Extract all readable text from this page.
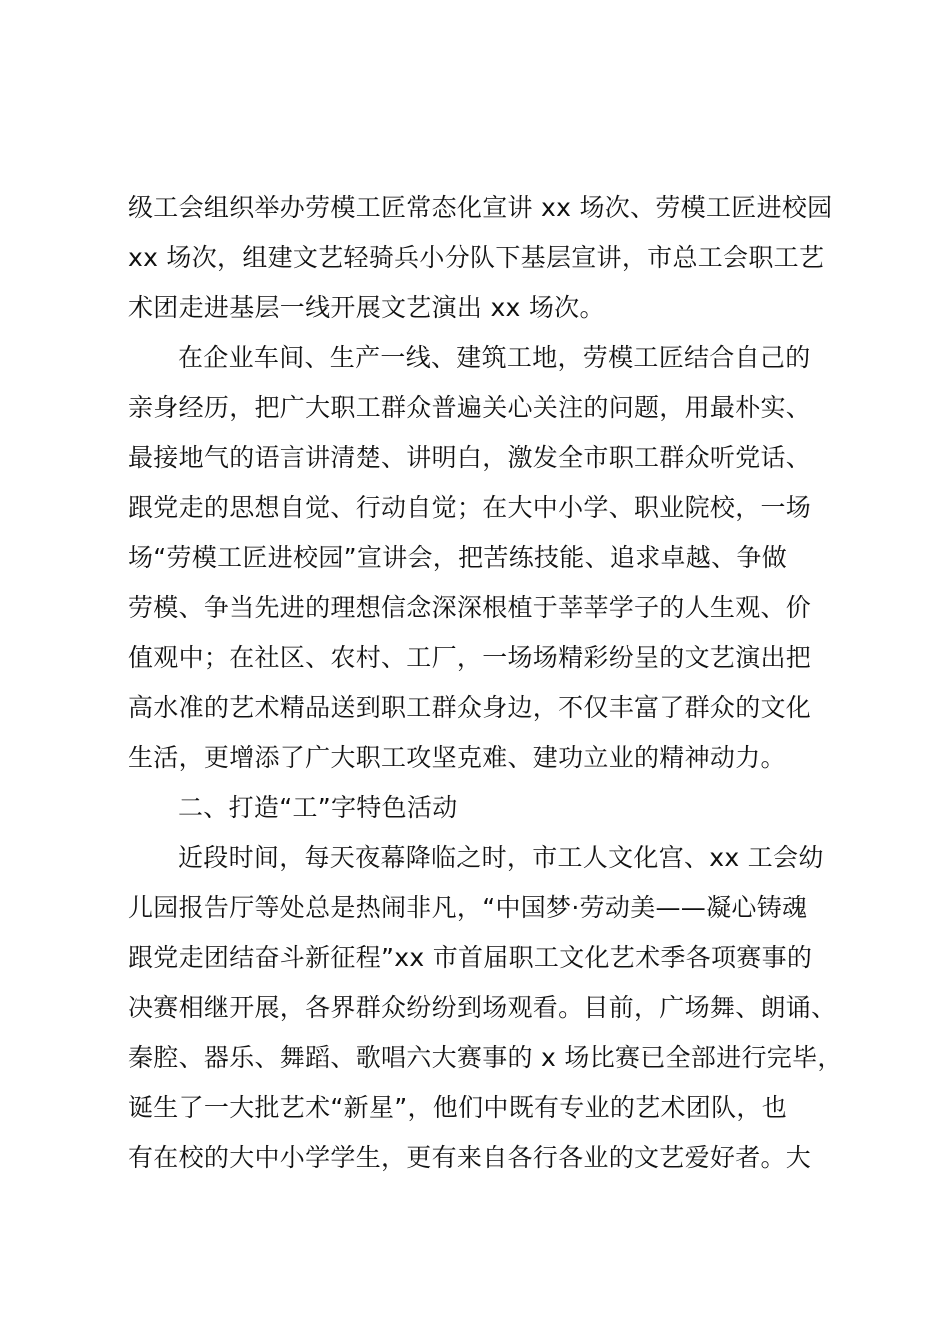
级工会组织举办劳模工匠常态化宣讲 xx 场次、劳模工匠进校园
xx 场次，组建文艺轻骑兵小分队下基层宣讲，市总工会职工艺
术团走进基层一线开展文艺演出 xx 场次。
在企业车间、生产一线、建筑工地，劳模工匠结合自己的
亲身经历，把广大职工群众普遍关心关注的问题，用最朴实、
最接地气的语言讲清楚、讲明白，激发全市职工群众听党话、
跟党走的思想自觉、行动自觉；在大中小学、职业院校，一场
场“劳模工匠进校园”宣讲会，把苦练技能、追求卓越、争做
劳模、争当先进的理想信念深深根植于莘莘学子的人生观、价
值观中；在社区、农村、工厂，一场场精彩纷呈的文艺演出把
高水准的艺术精品送到职工群众身边，不仅丰富了群众的文化
生活，更增添了广大职工攻坚克难、建功立业的精神动力。
二、打造“工”字特色活动
近段时间，每天夜幕降临之时，市工人文化宫、xx 工会幼
儿园报告厅等处总是热闹非凡，“中国梦·劳动美——凝心铸魂
跟党走团结奋斗新征程”xx 市首届职工文化艺术季各项赛事的
决赛相继开展，各界群众纷纷到场观看。目前，广场舞、朗诵、
秦腔、器乐、舞蹈、歌唱六大赛事的 x 场比赛已全部进行完毕，
诞生了一大批艺术“新星”，他们中既有专业的艺术团队，也
有在校的大中小学学生，更有来自各行各业的文艺爱好者。大
